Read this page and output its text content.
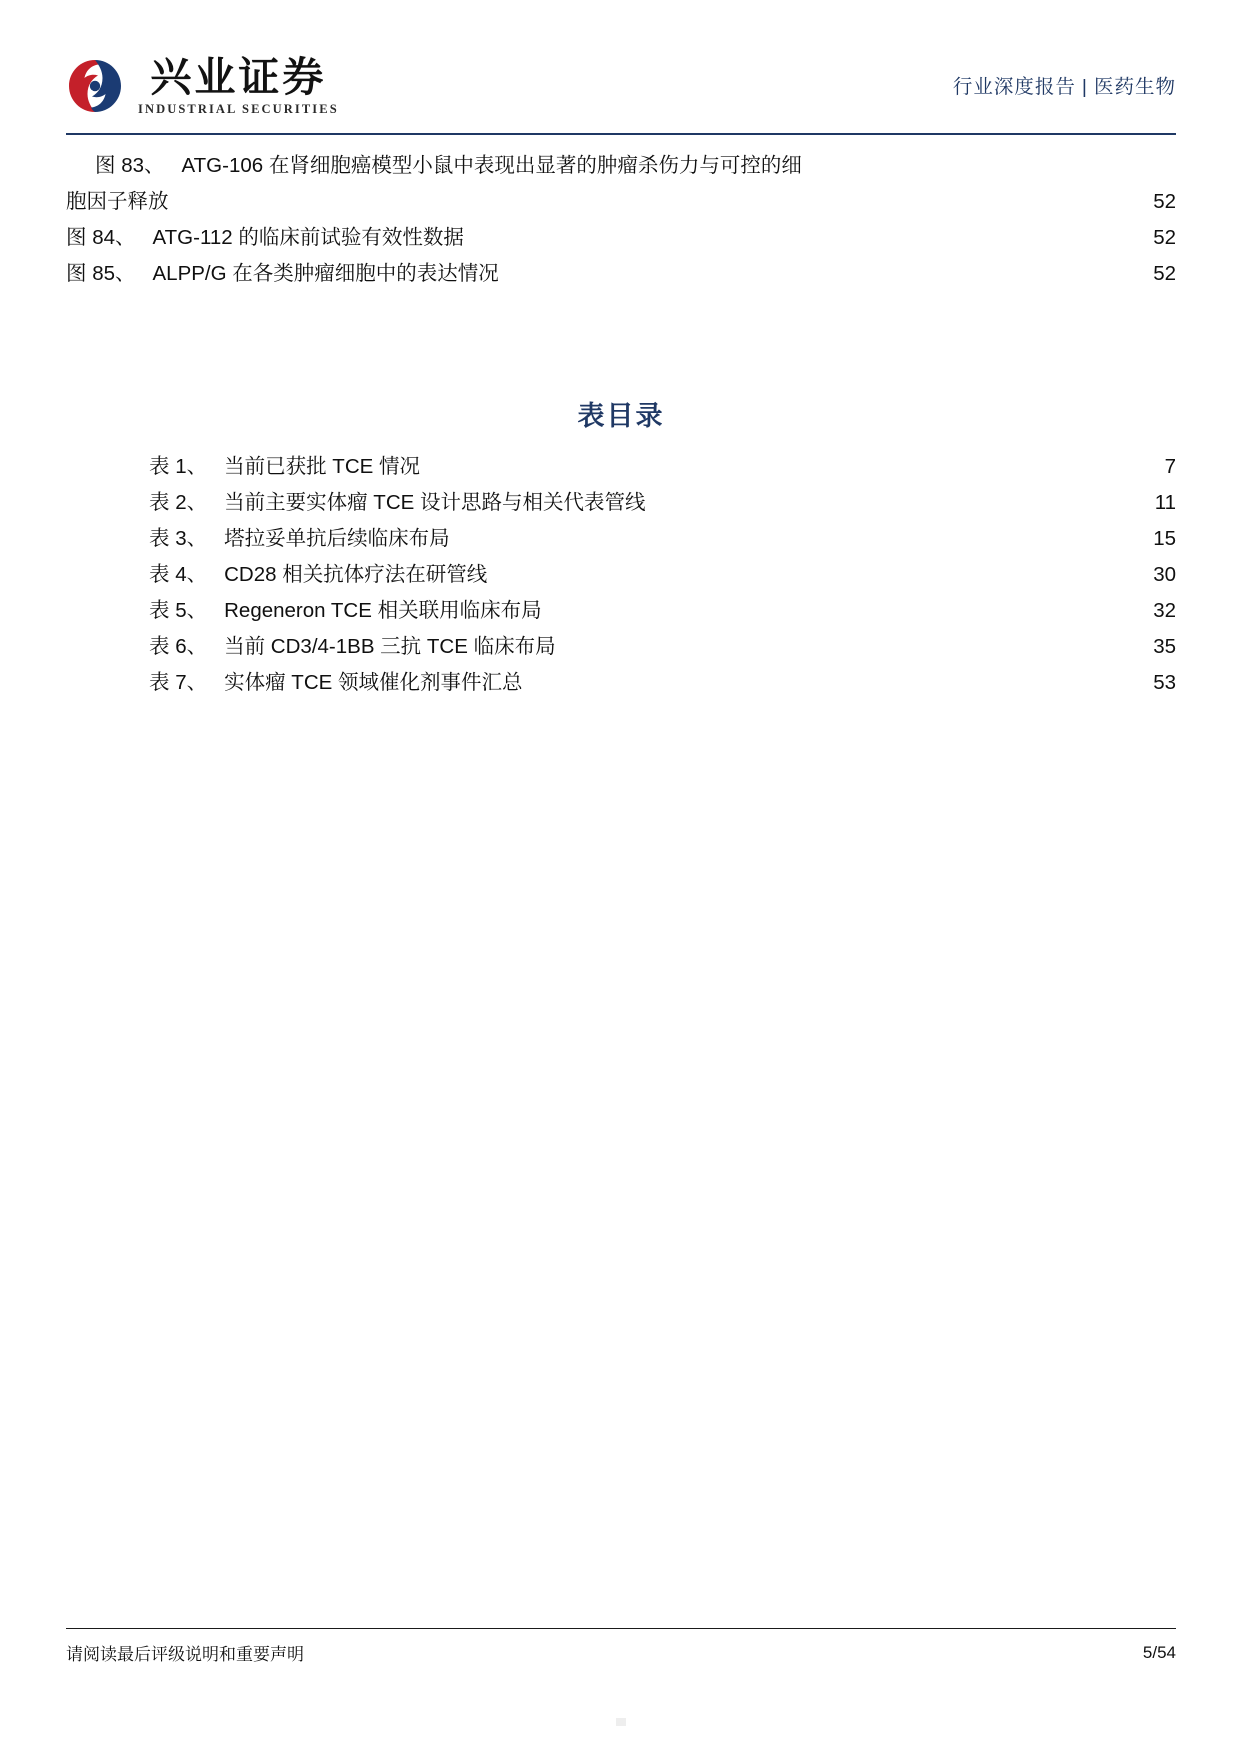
兴业证券
INDUSTRIAL SECURITIES
行业深度报告 | 医药生物
图 83、 ATG-106 在肾细胞癌模型小鼠中表现出显著的肿瘤杀伤力与可控的细
胞因子释放 .....	52
图 84、 ATG-112 的临床前试验有效性数据 .....	52
图 85、 ALPP/G 在各类肿瘤细胞中的表达情况 .....	52
表目录
表 1、 当前已获批 TCE 情况 .....	7
表 2、 当前主要实体瘤 TCE 设计思路与相关代表管线 .....	11
表 3、 塔拉妥单抗后续临床布局 .....	15
表 4、 CD28 相关抗体疗法在研管线 .....	30
表 5、 Regeneron TCE 相关联用临床布局 .....	32
表 6、 当前 CD3/4-1BB 三抗 TCE 临床布局 .....	35
表 7、 实体瘤 TCE 领域催化剂事件汇总 .....	53
请阅读最后评级说明和重要声明	5/54
